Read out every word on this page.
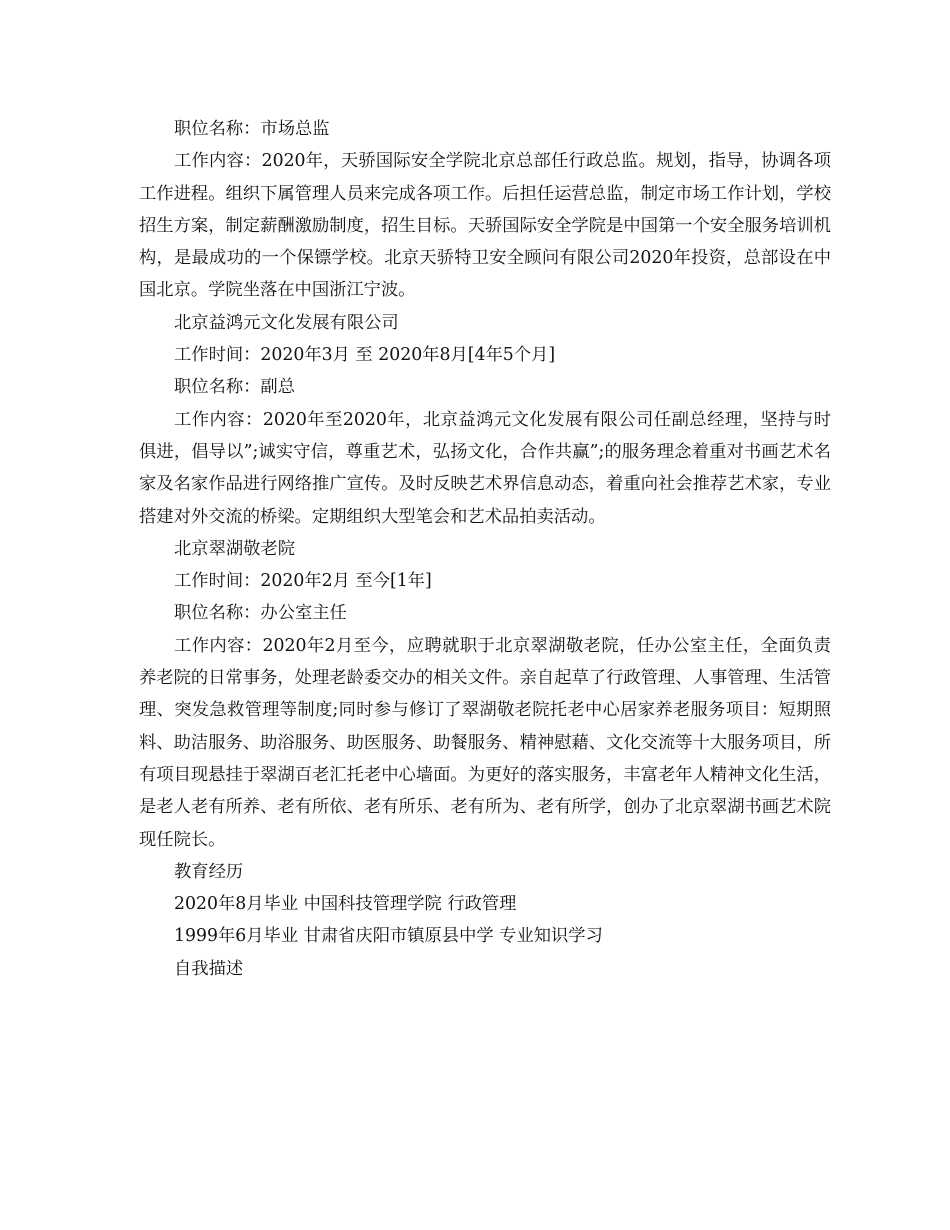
职位名称：市场总监

工作内容：2020年，天骄国际安全学院北京总部任行政总监。规划，指导，协调各项工作进程。组织下属管理人员来完成各项工作。后担任运营总监，制定市场工作计划，学校招生方案，制定薪酬激励制度，招生目标。天骄国际安全学院是中国第一个安全服务培训机构，是最成功的一个保镖学校。北京天骄特卫安全顾问有限公司2020年投资，总部设在中国北京。学院坐落在中国浙江宁波。

北京益鸿元文化发展有限公司

工作时间：2020年3月 至 2020年8月[4年5个月]

职位名称：副总

工作内容：2020年至2020年，北京益鸿元文化发展有限公司任副总经理，坚持与时俱进，倡导以”;诚实守信，尊重艺术，弘扬文化，合作共赢”;的服务理念着重对书画艺术名家及名家作品进行网络推广宣传。及时反映艺术界信息动态，着重向社会推荐艺术家，专业搭建对外交流的桥梁。定期组织大型笔会和艺术品拍卖活动。

北京翠湖敬老院

工作时间：2020年2月 至今[1年]

职位名称：办公室主任

工作内容：2020年2月至今，应聘就职于北京翠湖敬老院，任办公室主任，全面负责养老院的日常事务，处理老龄委交办的相关文件。亲自起草了行政管理、人事管理、生活管理、突发急救管理等制度;同时参与修订了翠湖敬老院托老中心居家养老服务项目：短期照料、助洁服务、助浴服务、助医服务、助餐服务、精神慰藉、文化交流等十大服务项目，所有项目现悬挂于翠湖百老汇托老中心墙面。为更好的落实服务，丰富老年人精神文化生活，是老人老有所养、老有所依、老有所乐、老有所为、老有所学，创办了北京翠湖书画艺术院现任院长。

教育经历

2020年8月毕业 中国科技管理学院 行政管理

1999年6月毕业 甘肃省庆阳市镇原县中学 专业知识学习

自我描述
